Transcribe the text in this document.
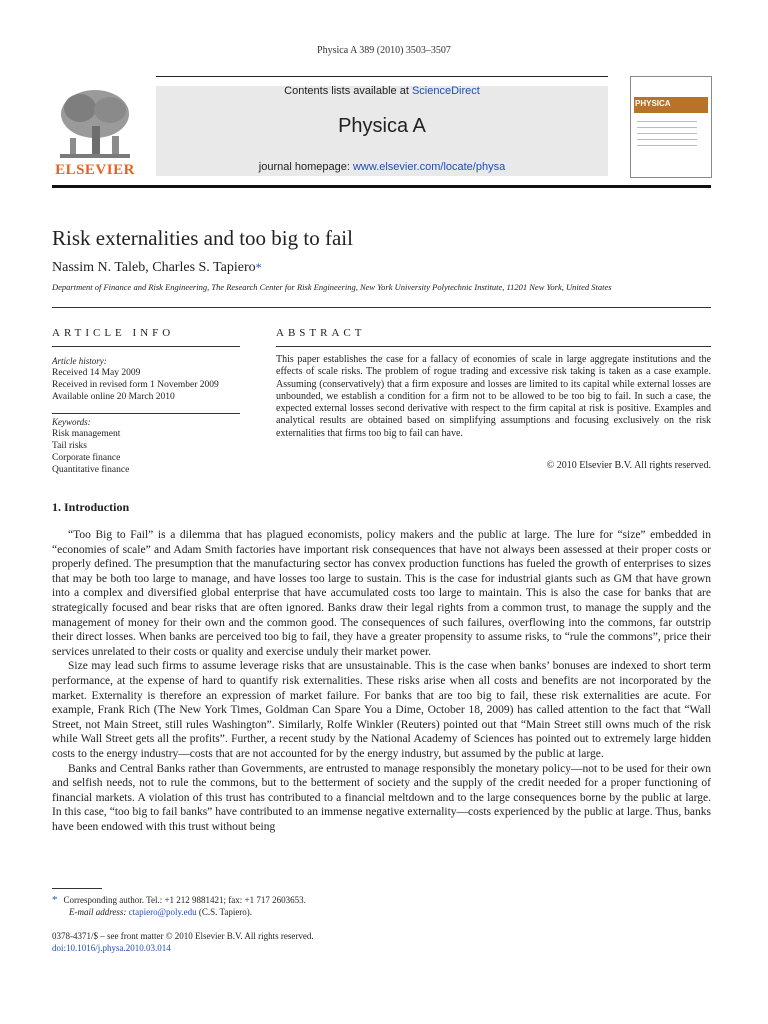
Physica A 389 (2010) 3503–3507
ELSEVIER
Contents lists available at ScienceDirect
Physica A
journal homepage: www.elsevier.com/locate/physa
PHYSICA
Risk externalities and too big to fail
Nassim N. Taleb, Charles S. Tapiero*
Department of Finance and Risk Engineering, The Research Center for Risk Engineering, New York University Polytechnic Institute, 11201 New York, United States
ARTICLE INFO
Article history:
Received 14 May 2009
Received in revised form 1 November 2009
Available online 20 March 2010
Keywords:
Risk management
Tail risks
Corporate finance
Quantitative finance
ABSTRACT
This paper establishes the case for a fallacy of economies of scale in large aggregate institutions and the effects of scale risks. The problem of rogue trading and excessive risk taking is taken as a case example. Assuming (conservatively) that a firm exposure and losses are limited to its capital while external losses are unbounded, we establish a condition for a firm not to be allowed to be too big to fail. In such a case, the expected external losses second derivative with respect to the firm capital at risk is positive. Examples and analytical results are obtained based on simplifying assumptions and focusing exclusively on the risk externalities that firms too big to fail can have.
© 2010 Elsevier B.V. All rights reserved.
1. Introduction

“Too Big to Fail” is a dilemma that has plagued economists, policy makers and the public at large. The lure for “size” embedded in “economies of scale” and Adam Smith factories have important risk consequences that have not always been assessed at their proper costs or properly defined. The presumption that the manufacturing sector has convex production functions has fueled the growth of enterprises to sizes that may be both too large to manage, and have losses too large to sustain. This is the case for industrial giants such as GM that have grown into a complex and diversified global enterprise that have accumulated costs too large to maintain. This is also the case for banks that are strategically focused and bear risks that are often ignored. Banks draw their legal rights from a common trust, to manage the supply and the management of money for their own and the common good. The consequences of such failures, overflowing into the commons, far outstrip their direct losses. When banks are perceived too big to fail, they have a greater propensity to assume risks, to “rule the commons”, price their services unrelated to their costs or quality and exercise unduly their market power.

Size may lead such firms to assume leverage risks that are unsustainable. This is the case when banks’ bonuses are indexed to short term performance, at the expense of hard to quantify risk externalities. These risks arise when all costs and benefits are not incorporated by the market. Externality is therefore an expression of market failure. For banks that are too big to fail, these risk externalities are acute. For example, Frank Rich (The New York Times, Goldman Can Spare You a Dime, October 18, 2009) has called attention to the fact that “Wall Street, not Main Street, still rules Washington”. Similarly, Rolfe Winkler (Reuters) pointed out that “Main Street still owns much of the risk while Wall Street gets all the profits”. Further, a recent study by the National Academy of Sciences has pointed out to extremely large hidden costs to the energy industry—costs that are not accounted for by the energy industry, but assumed by the public at large.

Banks and Central Banks rather than Governments, are entrusted to manage responsibly the monetary policy—not to be used for their own and selfish needs, not to rule the commons, but to the betterment of society and the supply of the credit needed for a proper functioning of financial markets. A violation of this trust has contributed to a financial meltdown and to the large consequences borne by the public at large. In this case, “too big to fail banks” have contributed to an immense negative externality—costs experienced by the public at large. Thus, banks have been endowed with this trust without being

* Corresponding author. Tel.: +1 212 9881421; fax: +1 717 2603653.
E-mail address: ctapiero@poly.edu (C.S. Tapiero).
0378-4371/$ – see front matter © 2010 Elsevier B.V. All rights reserved.
doi:10.1016/j.physa.2010.03.014
